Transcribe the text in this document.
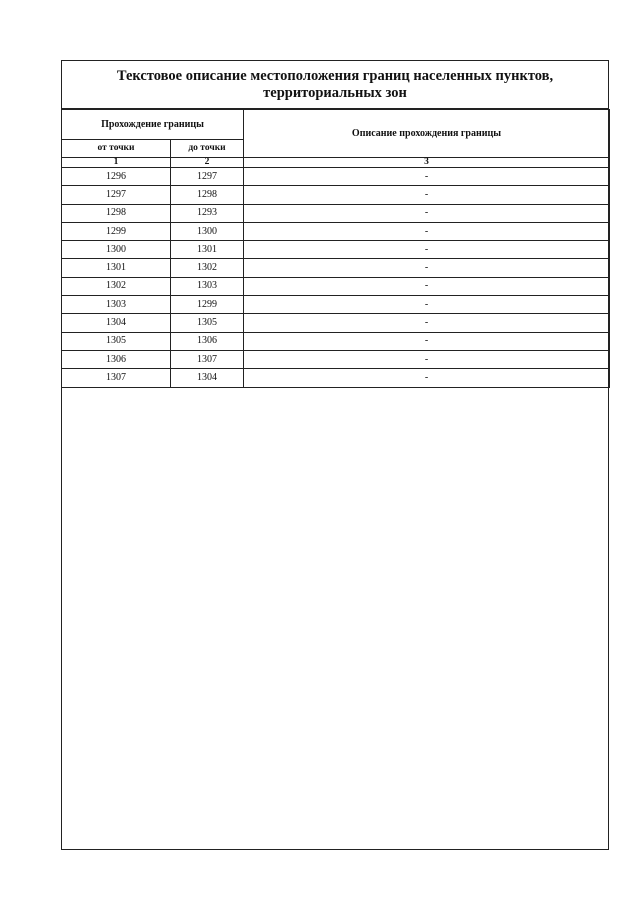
Текстовое описание местоположения границ населенных пунктов,
территориальных зон
Прохождение границы		Описание прохождения границы
от точки	до точки	
1	2	3
1296	1297	-
1297	1298	-
1298	1293	-
1299	1300	-
1300	1301	-
1301	1302	-
1302	1303	-
1303	1299	-
1304	1305	-
1305	1306	-
1306	1307	-
1307	1304	-
